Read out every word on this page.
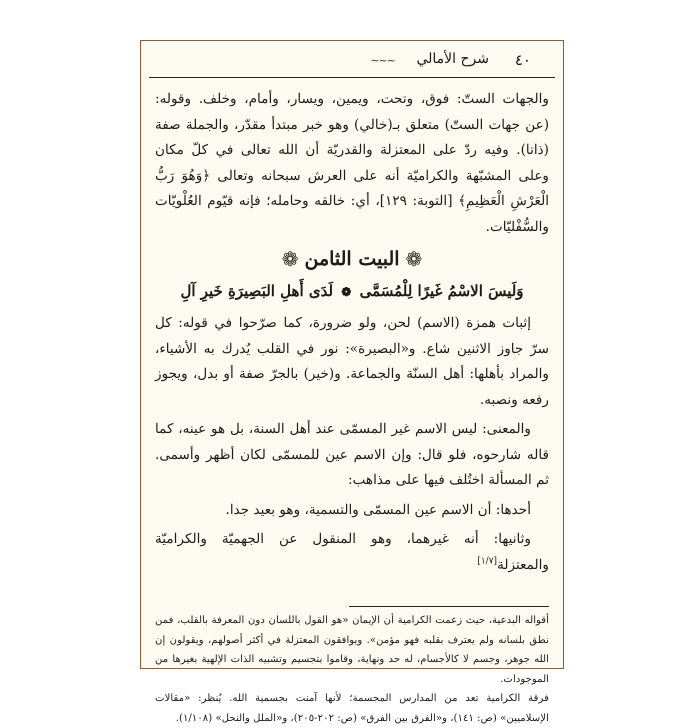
٤٠
شرح الأمالي
~~∽

والجهات الستّ: فوق، وتحت، ويمين، ويسار، وأمام، وخلف. وقوله: (عن جهات الستّ) متعلق بـ(خالي) وهو خبر مبتدأ مقدّر، والجملة صفة (ذاتا). وفيه ردّ على المعتزلة والقدريّة أن الله تعالى في كلّ مكان وعلى المشبّهة والكراميّة أنه على العرش سبحانه وتعالى ﴿وَهُوَ رَبُّ الْعَرْشِ الْعَظِيمِ﴾ [التوبة: ١٢٩]، أي: خالقه وحامله؛ فإنه قيّوم العُلْويّات والسُّفْليّات.

❁
البيت الثامن
❁

وَلَيسَ الاسْمُ غَيرًا لِلْمُسَمَّى ❁ لَدَى أَهلِ البَصِيرَةِ خَيرِ آلِ

إثبات همزة (الاسم) لحن، ولو ضرورة، كما صرّحوا في قوله: كل سرّ جاوز الاثنين شاع. و«البصيرة»: نور في القلب يُدرك به الأشياء، والمراد بأهلها: أهل السنّة والجماعة. و(خير) بالجرّ صفة أو بدل، ويجوز رفعه ونصبه.

والمعنى: ليس الاسم غير المسمّى عند أهل السنة، بل هو عينه، كما قاله شارحوه، فلو قال: وإن الاسم عين للمسمّى لكان أظهر وأسمى. ثم المسألة اختُلف فيها على مذاهب:

أحدها: أن الاسم عين المسمّى والتسمية، وهو بعيد جدا.

وثانيها: أنه غيرهما، وهو المنقول عن الجهميّة والكراميّة والمعتزلة[١/٧]

أقواله البدعية، حيث زعمت الكرامية أن الإيمان «هو القول باللسان دون المعرفة بالقلب، فمن نطق بلسانه ولم يعترف بقلبه فهو مؤمن». ويوافقون المعتزلة في أكثر أصولهم، ويقولون إن الله جوهر، وجسم لا كالأجسام، له حد ونهاية، وقاموا بتجسيم وتشبيه الذات الإلهية بغيرها من الموجودات.

فرقة الكرامية تعد من المدارس المجسمة؛ لأنها آمنت بجسمية الله. يُنظر: «مقالات الإسلاميين» (ص: ١٤١)، و«الفرق بين الفرق» (ص: ٢٠٢-٢٠٥)، و«الملل والنحل» (١/١٠٨).
